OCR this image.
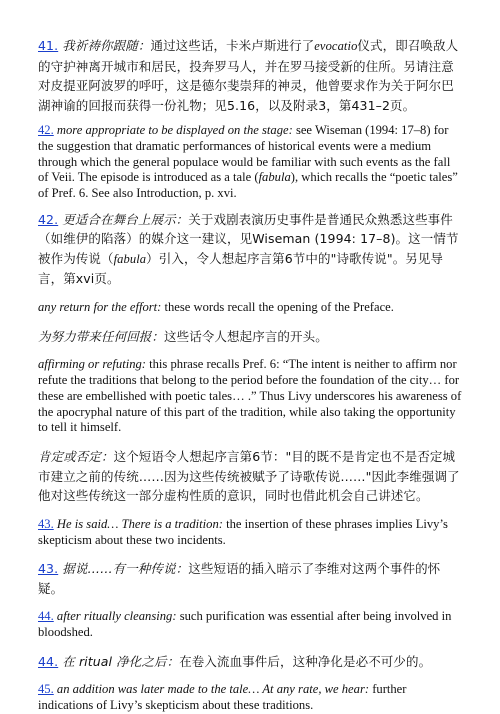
41. 我祈祷你跟随：通过这些话，卡米卢斯进行了evocatio仪式，即召唤敌人的守护神离开城市和居民，投奔罗马人，并在罗马接受新的住所。另请注意对皮提亚阿波罗的呼吁，这是德尔斐崇拜的神灵，他曾要求作为关于阿尔巴湖神谕的回报而获得一份礼物；见5.16，以及附录3，第431–2页。

42. more appropriate to be displayed on the stage: see Wiseman (1994: 17–8) for the suggestion that dramatic performances of historical events were a medium through which the general populace would be familiar with such events as the fall of Veii. The episode is introduced as a tale (fabula), which recalls the “poetic tales” of Pref. 6. See also Introduction, p. xvi.

42. 更适合在舞台上展示：关于戏剧表演历史事件是普通民众熟悉这些事件（如维伊的陷落）的媒介这一建议，见Wiseman (1994: 17–8)。这一情节被作为传说（fabula）引入，令人想起序言第6节中的"诗歌传说"。另见导言，第xvi页。

any return for the effort: these words recall the opening of the Preface.

为努力带来任何回报：这些话令人想起序言的开头。

affirming or refuting: this phrase recalls Pref. 6: “The intent is neither to affirm nor refute the traditions that belong to the period before the foundation of the city… for these are embellished with poetic tales… .” Thus Livy underscores his awareness of the apocryphal nature of this part of the tradition, while also taking the opportunity to tell it himself.

肯定或否定：这个短语令人想起序言第6节："目的既不是肯定也不是否定城市建立之前的传统……因为这些传统被赋予了诗歌传说……"因此李维强调了他对这些传统这一部分虚构性质的意识，同时也借此机会自己讲述它。

43. He is said… There is a tradition: the insertion of these phrases implies Livy’s skepticism about these two incidents.

43. 据说……有一种传说：这些短语的插入暗示了李维对这两个事件的怀疑。

44. after ritually cleansing: such purification was essential after being involved in bloodshed.

44. 在 ritual 净化之后：在卷入流血事件后，这种净化是必不可少的。

45. an addition was later made to the tale… At any rate, we hear: further indications of Livy’s skepticism about these traditions.
